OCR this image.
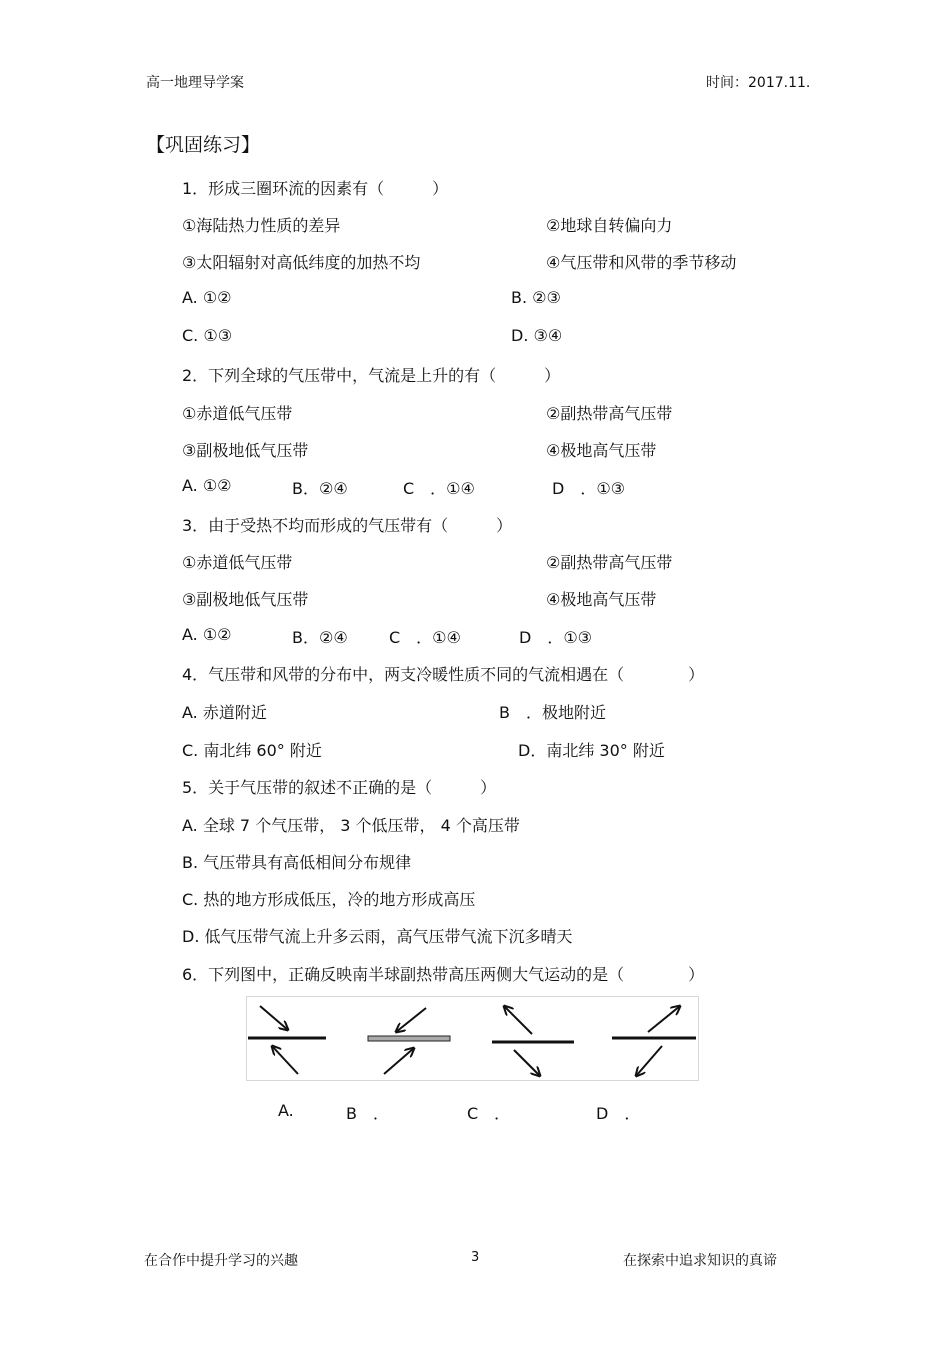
高一地理导学案	时间：2017.11.
【巩固练习】
1．形成三圈环流的因素有（　　　）
①海陆热力性质的差异	②地球自转偏向力
③太阳辐射对高低纬度的加热不均	④气压带和风带的季节移动
A. ①②	B. ②③
C. ①③	D. ③④
2．下列全球的气压带中，气流是上升的有（　　　）
①赤道低气压带	②副热带高气压带
③副极地低气压带	④极地高气压带
A. ①②	B．②④	C　．①④	D　．①③
3．由于受热不均而形成的气压带有（　　　）
①赤道低气压带	②副热带高气压带
③副极地低气压带	④极地高气压带
A. ①②	B．②④	C　．①④	D　．①③
4．气压带和风带的分布中，两支冷暖性质不同的气流相遇在（　　　　）
A. 赤道附近	B　．极地附近
C. 南北纬 60° 附近	D．南北纬 30° 附近
5．关于气压带的叙述不正确的是（　　　）
A. 全球 7 个气压带， 3 个低压带， 4 个高压带
B. 气压带具有高低相间分布规律
C. 热的地方形成低压，冷的地方形成高压
D. 低气压带气流上升多云雨，高气压带气流下沉多晴天
6．下列图中，正确反映南半球副热带高压两侧大气运动的是（　　　　）
A.	B　．	C　．	D　．
在合作中提升学习的兴趣	3	在探索中追求知识的真谛
